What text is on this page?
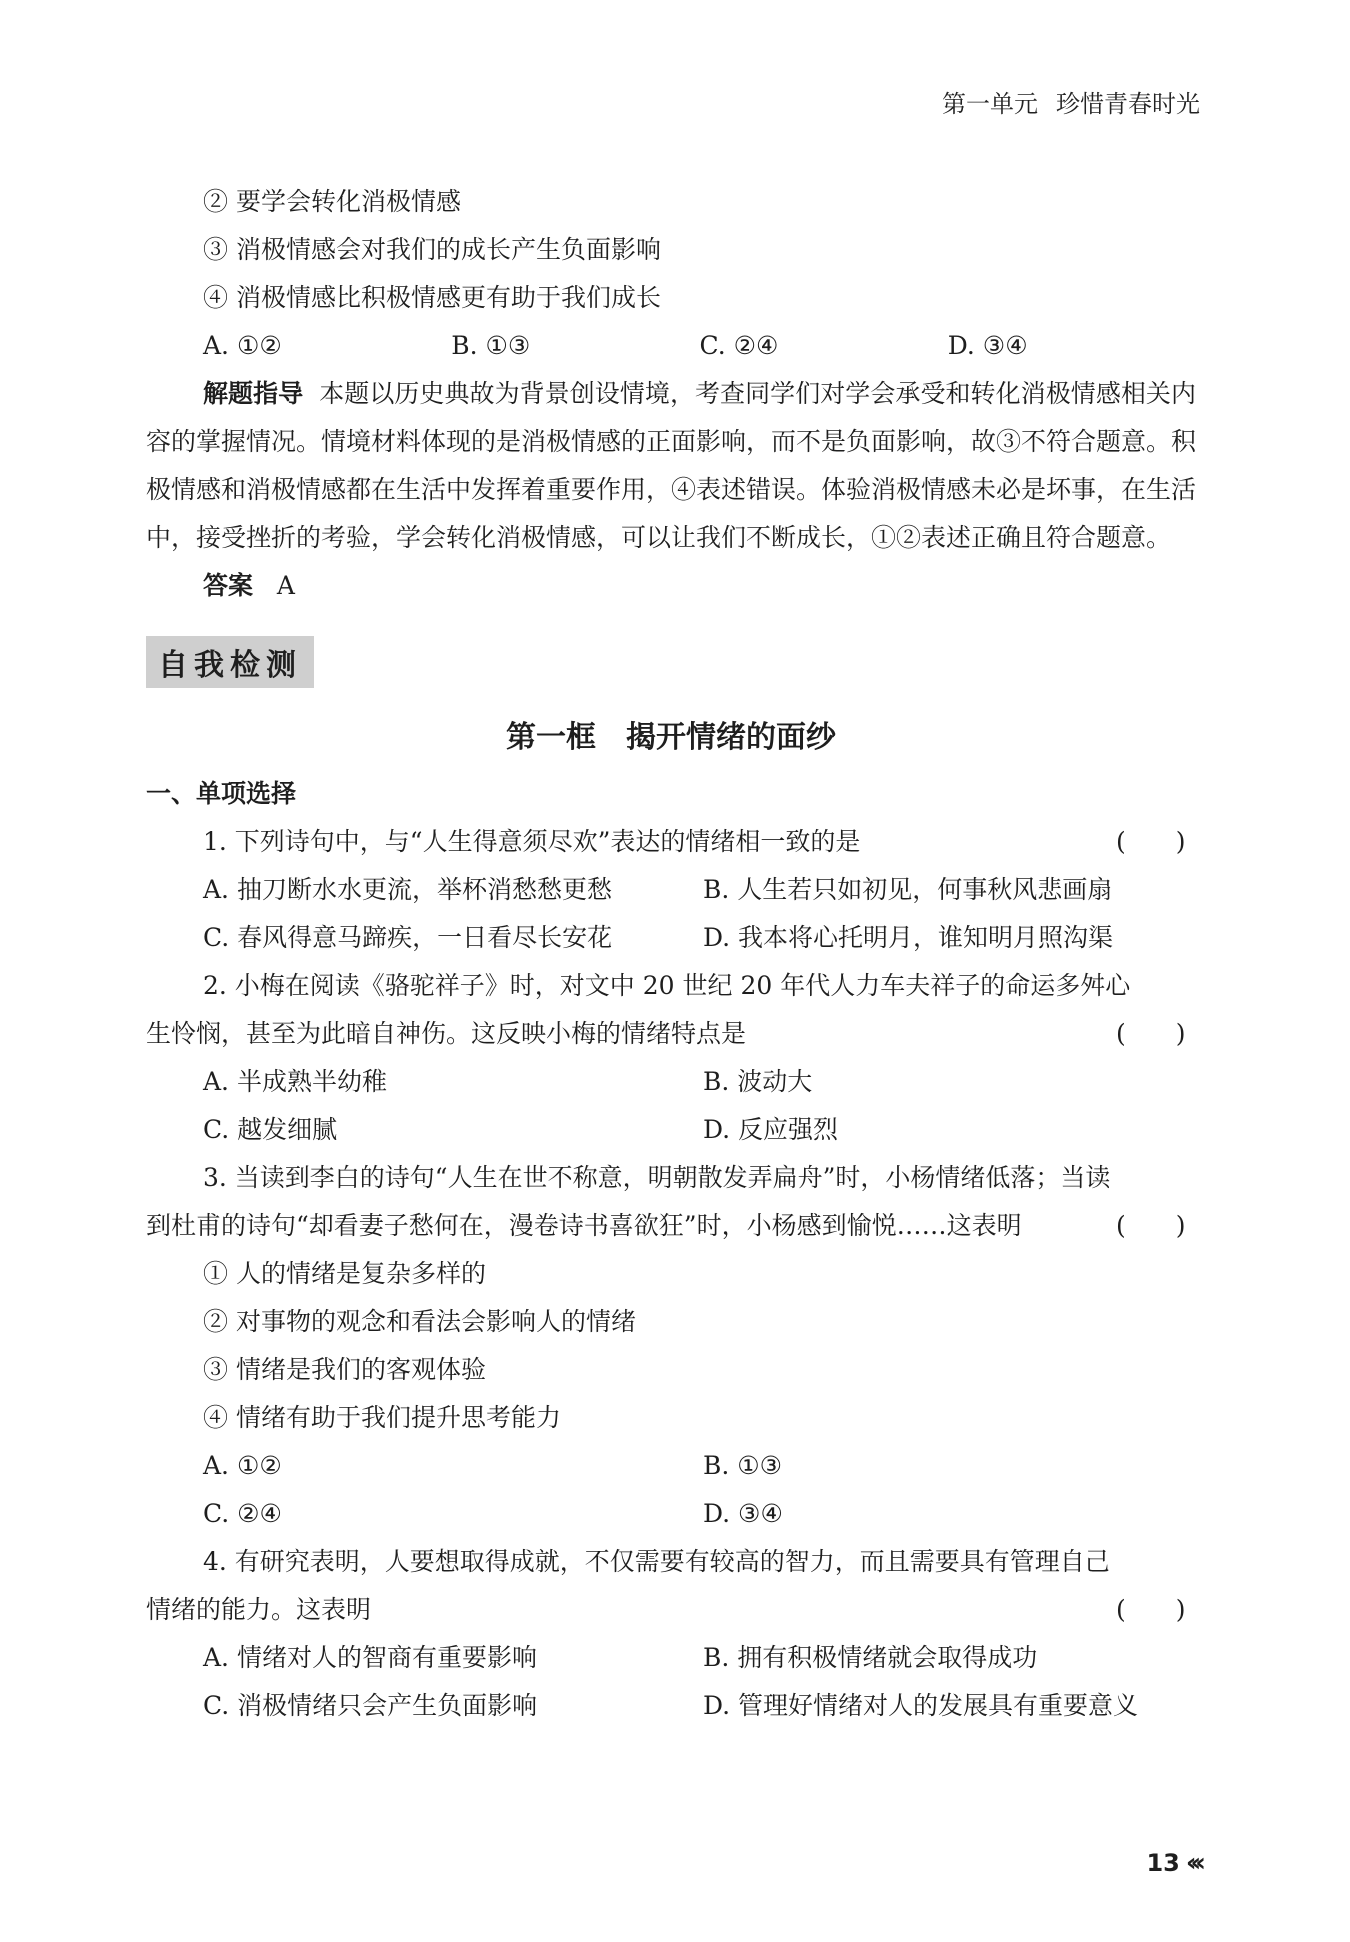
第一单元 珍惜青春时光
② 要学会转化消极情感
③ 消极情感会对我们的成长产生负面影响
④ 消极情感比积极情感更有助于我们成长
A. ①②	B. ①③	C. ②④	D. ③④
解题指导 本题以历史典故为背景创设情境，考查同学们对学会承受和转化消极情感相关内容的掌握情况。情境材料体现的是消极情感的正面影响，而不是负面影响，故③不符合题意。积极情感和消极情感都在生活中发挥着重要作用，④表述错误。体验消极情感未必是坏事，在生活中，接受挫折的考验，学会转化消极情感，可以让我们不断成长，①②表述正确且符合题意。
答案 A
自我检测
第一框 揭开情绪的面纱
一、单项选择
1. 下列诗句中，与“人生得意须尽欢”表达的情绪相一致的是	(　　)
A. 抽刀断水水更流，举杯消愁愁更愁	B. 人生若只如初见，何事秋风悲画扇
C. 春风得意马蹄疾，一日看尽长安花	D. 我本将心托明月，谁知明月照沟渠
2. 小梅在阅读《骆驼祥子》时，对文中 20 世纪 20 年代人力车夫祥子的命运多舛心
生怜悯，甚至为此暗自神伤。这反映小梅的情绪特点是	(　　)
A. 半成熟半幼稚	B. 波动大
C. 越发细腻	D. 反应强烈
3. 当读到李白的诗句“人生在世不称意，明朝散发弄扁舟”时，小杨情绪低落；当读
到杜甫的诗句“却看妻子愁何在，漫卷诗书喜欲狂”时，小杨感到愉悦……这表明	(　　)
① 人的情绪是复杂多样的
② 对事物的观念和看法会影响人的情绪
③ 情绪是我们的客观体验
④ 情绪有助于我们提升思考能力
A. ①②	B. ①③
C. ②④	D. ③④
4. 有研究表明，人要想取得成就，不仅需要有较高的智力，而且需要具有管理自己
情绪的能力。这表明	(　　)
A. 情绪对人的智商有重要影响	B. 拥有积极情绪就会取得成功
C. 消极情绪只会产生负面影响	D. 管理好情绪对人的发展具有重要意义
13 ‹‹‹
